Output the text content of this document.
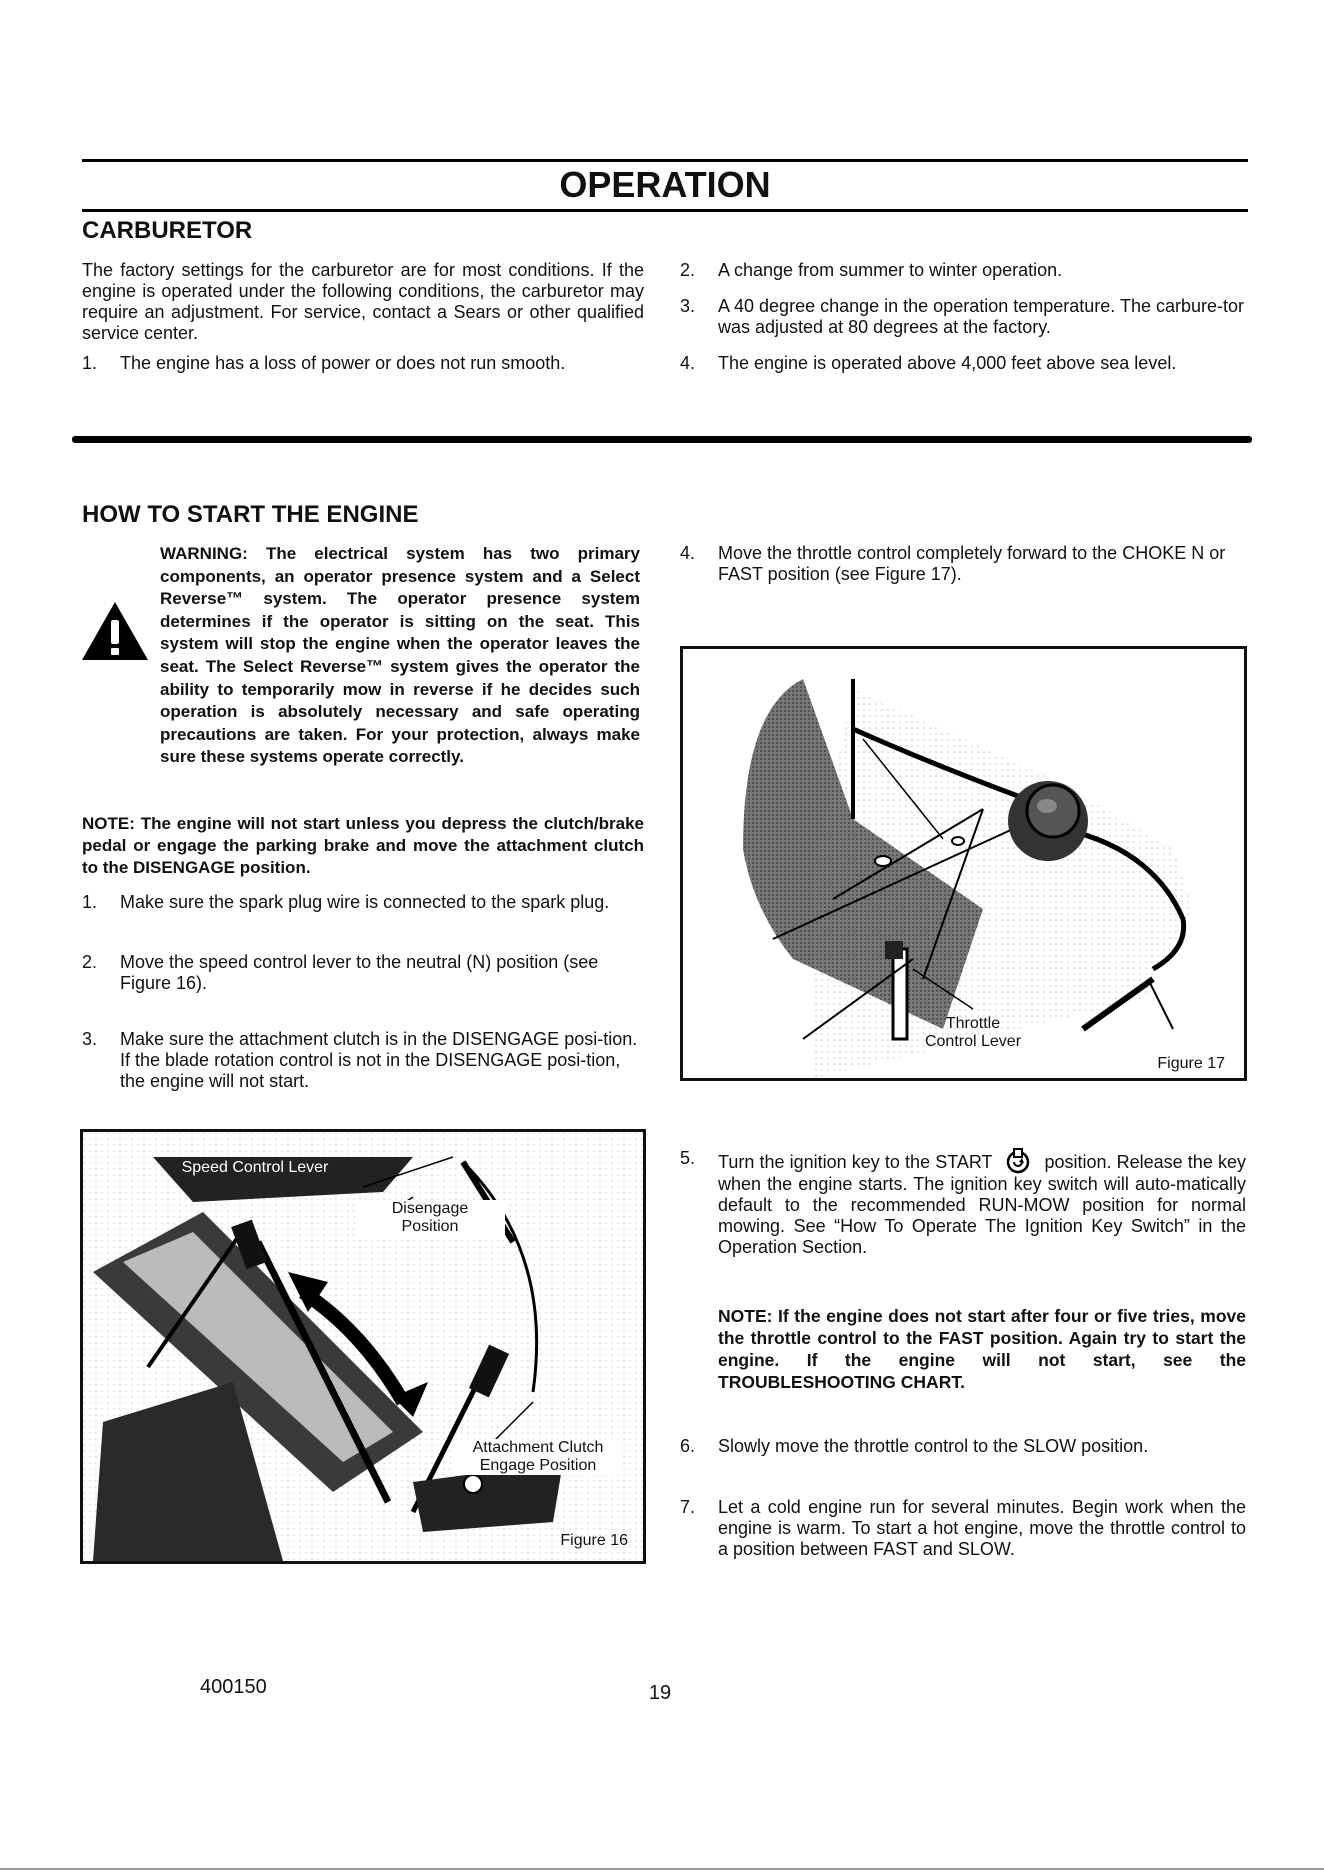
OPERATION
CARBURETOR

The factory settings for the carburetor are for most conditions. If the engine is operated under the following conditions, the carburetor may require an adjustment. For service, contact a Sears or other qualified service center.

1. The engine has a loss of power or does not run smooth.
2. A change from summer to winter operation.
3. A 40 degree change in the operation temperature. The carbure-tor was adjusted at 80 degrees at the factory.
4. The engine is operated above 4,000 feet above sea level.
HOW TO START THE ENGINE

WARNING: The electrical system has two primary components, an operator presence system and a Select Reverse™ system. The operator presence system determines if the operator is sitting on the seat. This system will stop the engine when the operator leaves the seat. The Select Reverse™ system gives the operator the ability to temporarily mow in reverse if he decides such operation is absolutely necessary and safe operating precautions are taken. For your protection, always make sure these systems operate correctly.

NOTE: The engine will not start unless you depress the clutch/brake pedal or engage the parking brake and move the attachment clutch to the DISENGAGE position.

1. Make sure the spark plug wire is connected to the spark plug.
2. Move the speed control lever to the neutral (N) position (see Figure 16).
3. Make sure the attachment clutch is in the DISENGAGE posi-tion. If the blade rotation control is not in the DISENGAGE posi-tion, the engine will not start.
Speed Control Lever
Disengage
Position
Attachment Clutch
Engage Position
Figure 16
4. Move the throttle control completely forward to the CHOKE N or FAST position (see Figure 17).
Throttle
Control Lever
Figure 17
5. Turn the ignition key to the START	position. Release the key when the engine starts. The ignition key switch will auto-matically default to the recommended RUN-MOW position for normal mowing. See “How To Operate The Ignition Key Switch” in the Operation Section.

NOTE: If the engine does not start after four or five tries, move the throttle control to the FAST position. Again try to start the engine. If the engine will not start, see the TROUBLESHOOTING CHART.

6. Slowly move the throttle control to the SLOW position.
7. Let a cold engine run for several minutes. Begin work when the engine is warm. To start a hot engine, move the throttle control to a position between FAST and SLOW.
400150	19
